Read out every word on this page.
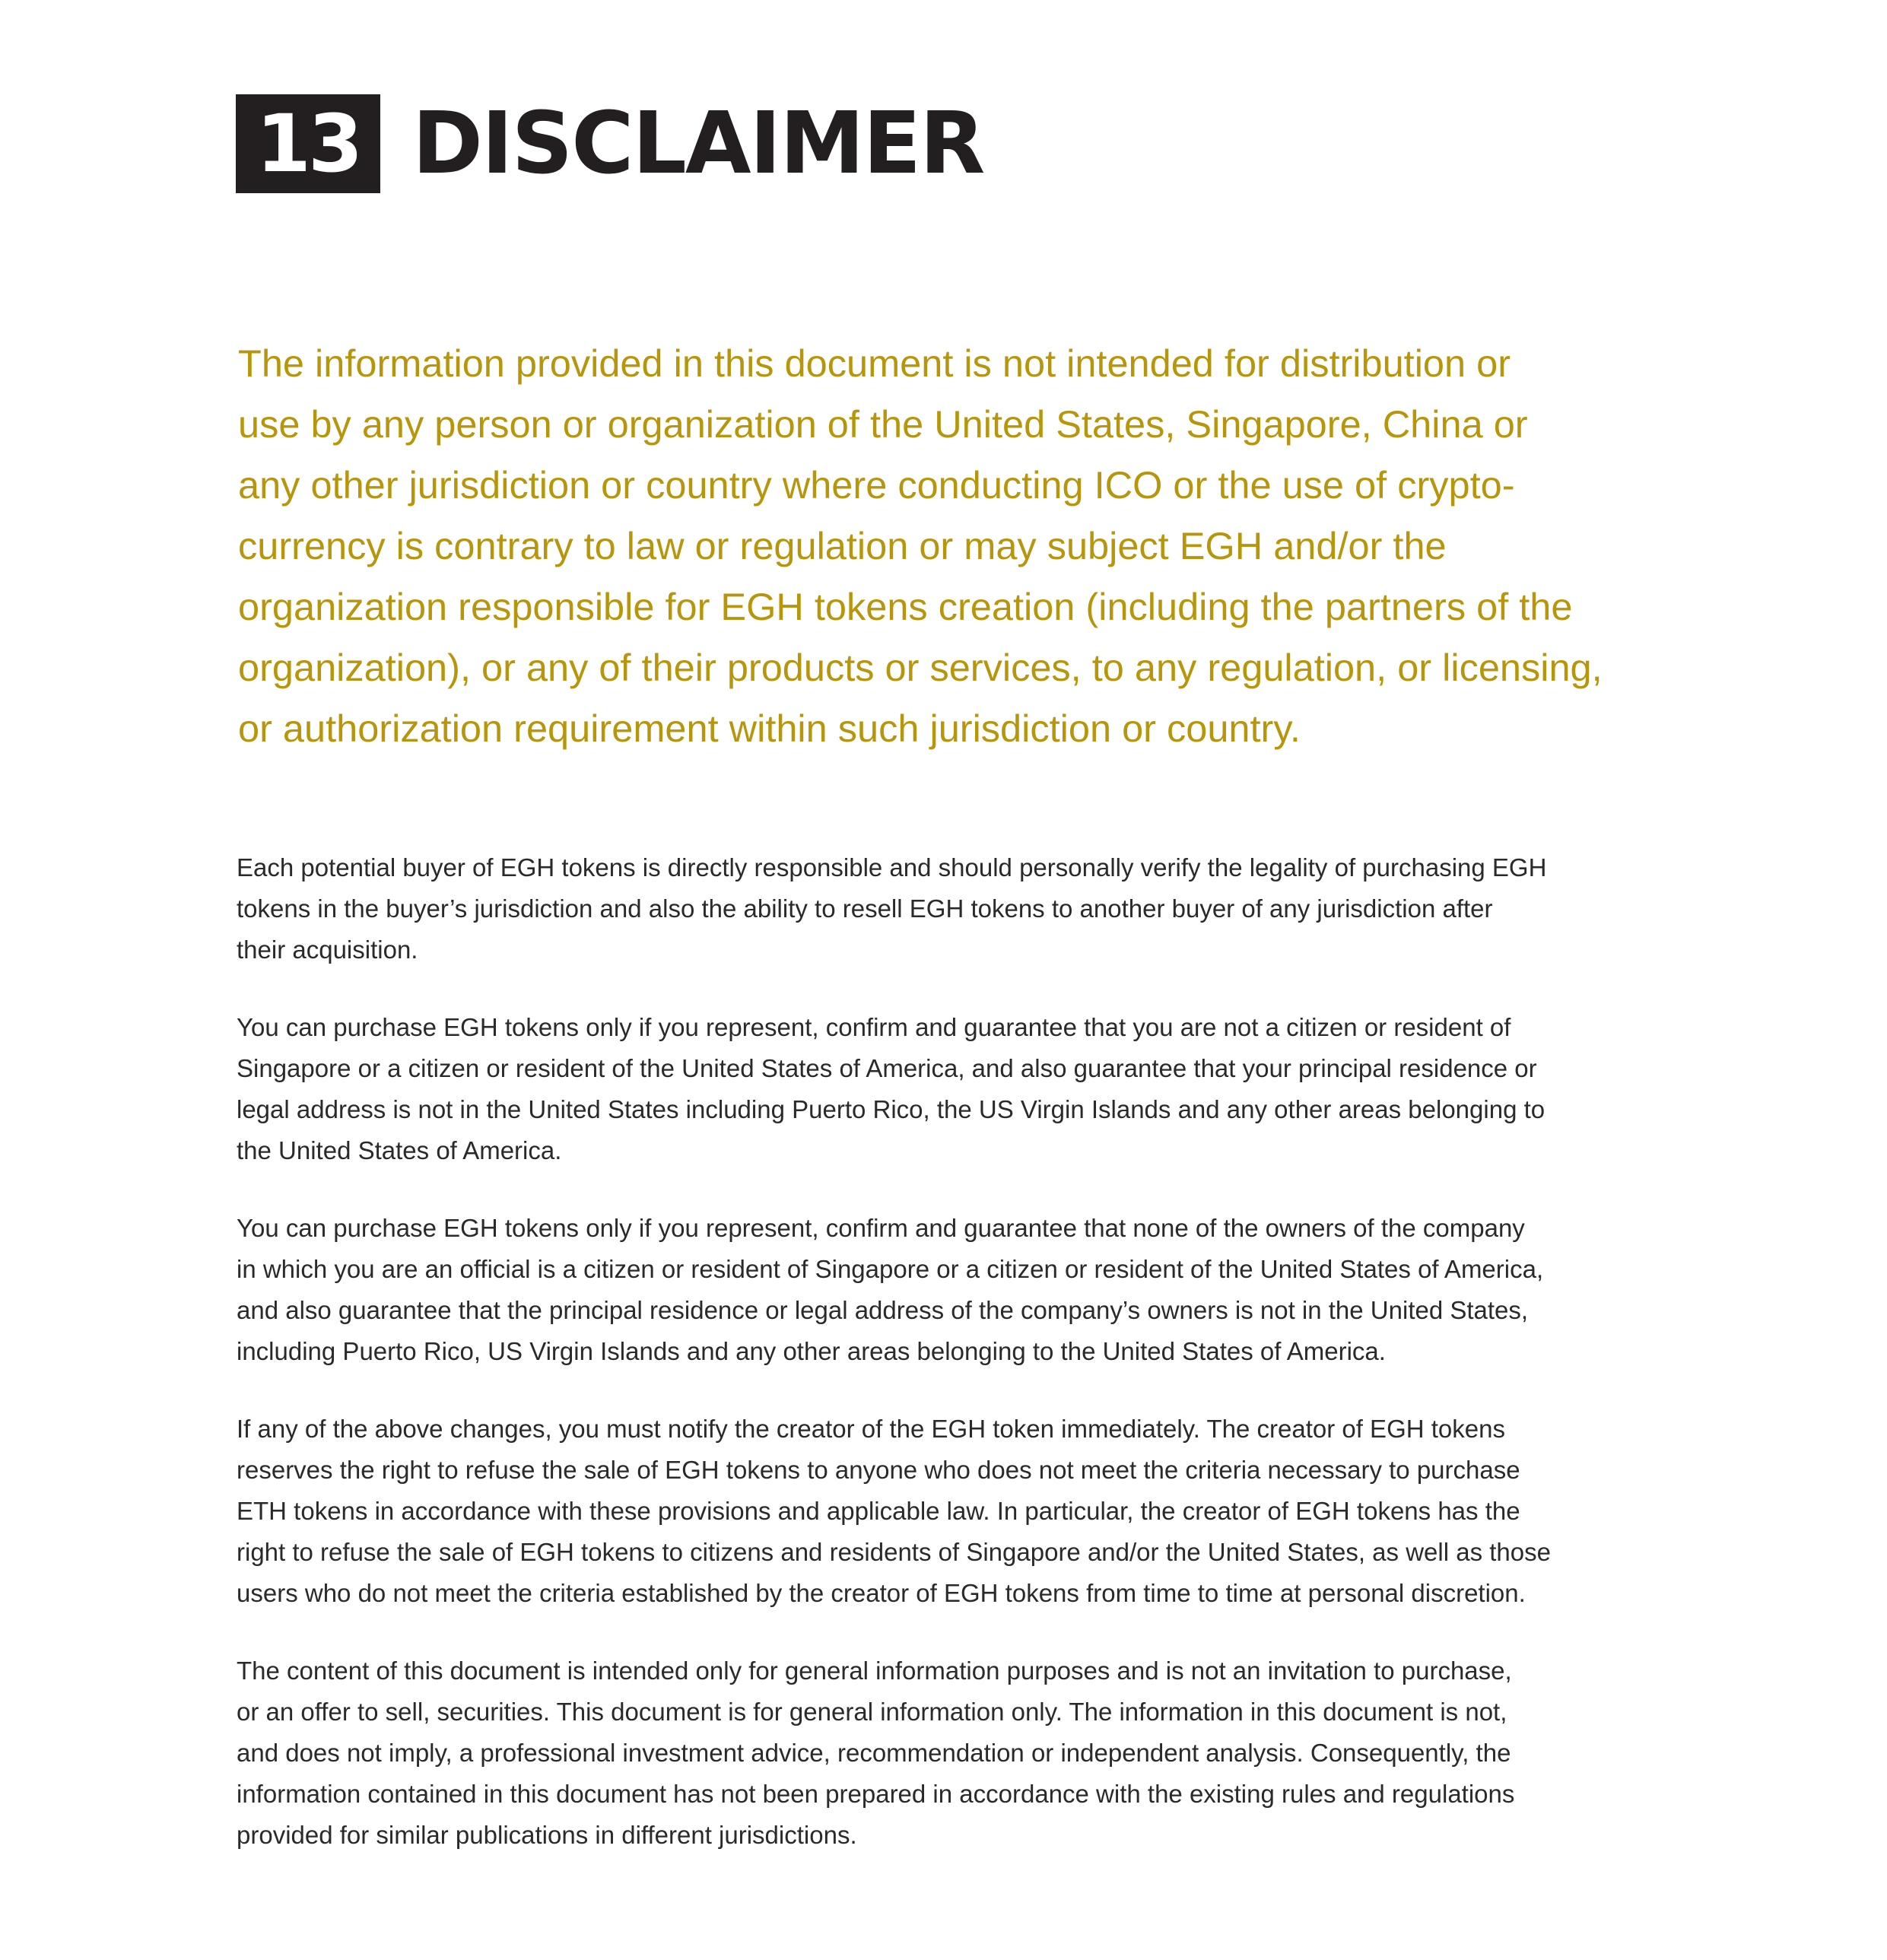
13 DISCLAIMER

The information provided in this document is not intended for distribution or
use by any person or organization of the United States, Singapore, China or
any other jurisdiction or country where conducting ICO or the use of crypto-
currency is contrary to law or regulation or may subject EGH and/or the
organization responsible for EGH tokens creation (including the partners of the
organization), or any of their products or services, to any regulation, or licensing,
or authorization requirement within such jurisdiction or country.

Each potential buyer of EGH tokens is directly responsible and should personally verify the legality of purchasing EGH
tokens in the buyer’s jurisdiction and also the ability to resell EGH tokens to another buyer of any jurisdiction after
their acquisition.

You can purchase EGH tokens only if you represent, confirm and guarantee that you are not a citizen or resident of
Singapore or a citizen or resident of the United States of America, and also guarantee that your principal residence or
legal address is not in the United States including Puerto Rico, the US Virgin Islands and any other areas belonging to
the United States of America.

You can purchase EGH tokens only if you represent, confirm and guarantee that none of the owners of the company
in which you are an official is a citizen or resident of Singapore or a citizen or resident of the United States of America,
and also guarantee that the principal residence or legal address of the company’s owners is not in the United States,
including Puerto Rico, US Virgin Islands and any other areas belonging to the United States of America.

If any of the above changes, you must notify the creator of the EGH token immediately. The creator of EGH tokens
reserves the right to refuse the sale of EGH tokens to anyone who does not meet the criteria necessary to purchase
ETH tokens in accordance with these provisions and applicable law. In particular, the creator of EGH tokens has the
right to refuse the sale of EGH tokens to citizens and residents of Singapore and/or the United States, as well as those
users who do not meet the criteria established by the creator of EGH tokens from time to time at personal discretion.

The content of this document is intended only for general information purposes and is not an invitation to purchase,
or an offer to sell, securities. This document is for general information only. The information in this document is not,
and does not imply, a professional investment advice, recommendation or independent analysis. Consequently, the
information contained in this document has not been prepared in accordance with the existing rules and regulations
provided for similar publications in different jurisdictions.
